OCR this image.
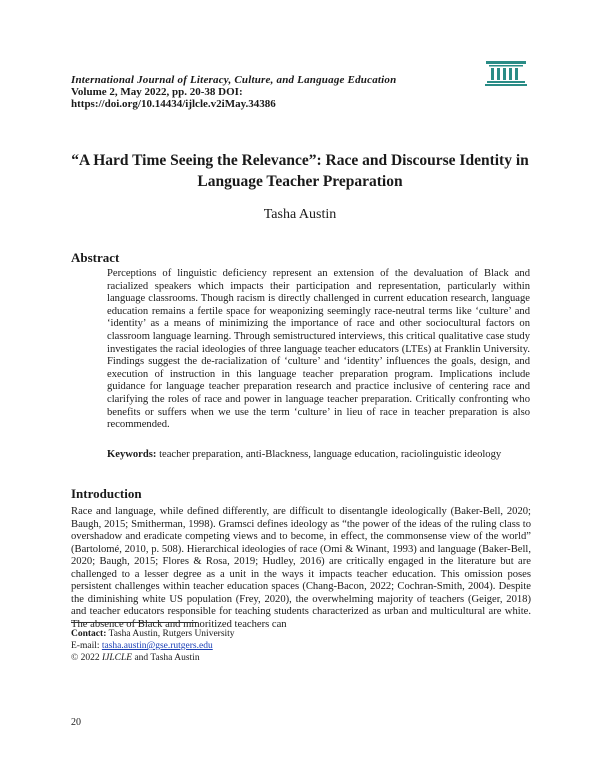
International Journal of Literacy, Culture, and Language Education
Volume 2, May 2022, pp. 20-38 DOI:
https://doi.org/10.14434/ijlcle.v2iMay.34386
“A Hard Time Seeing the Relevance”: Race and Discourse Identity in Language Teacher Preparation
Tasha Austin
Abstract

Perceptions of linguistic deficiency represent an extension of the devaluation of Black and racialized speakers which impacts their participation and representation, particularly within language classrooms. Though racism is directly challenged in current education research, language education remains a fertile space for weaponizing seemingly race-neutral terms like ‘culture’ and ‘identity’ as a means of minimizing the importance of race and other sociocultural factors on classroom language learning. Through semistructured interviews, this critical qualitative case study investigates the racial ideologies of three language teacher educators (LTEs) at Franklin University. Findings suggest the de-racialization of ‘culture’ and ‘identity’ influences the goals, design, and execution of instruction in this language teacher preparation program. Implications include guidance for language teacher preparation research and practice inclusive of centering race and clarifying the roles of race and power in language teacher preparation. Critically confronting who benefits or suffers when we use the term ‘culture’ in lieu of race in teacher preparation is also recommended.

Keywords: teacher preparation, anti-Blackness, language education, raciolinguistic ideology
Introduction

Race and language, while defined differently, are difficult to disentangle ideologically (Baker-Bell, 2020; Baugh, 2015; Smitherman, 1998). Gramsci defines ideology as “the power of the ideas of the ruling class to overshadow and eradicate competing views and to become, in effect, the commonsense view of the world” (Bartolomé, 2010, p. 508). Hierarchical ideologies of race (Omi & Winant, 1993) and language (Baker-Bell, 2020; Baugh, 2015; Flores & Rosa, 2019; Hudley, 2016) are critically engaged in the literature but are challenged to a lesser degree as a unit in the ways it impacts teacher education. This omission poses persistent challenges within teacher education spaces (Chang-Bacon, 2022; Cochran-Smith, 2004). Despite the diminishing white US population (Frey, 2020), the overwhelming majority of teachers (Geiger, 2018) and teacher educators responsible for teaching students characterized as urban and multicultural are white. The absence of Black and minoritized teachers can

Contact: Tasha Austin, Rutgers University
E-mail: tasha.austin@gse.rutgers.edu
© 2022 IJLCLE and Tasha Austin
20
